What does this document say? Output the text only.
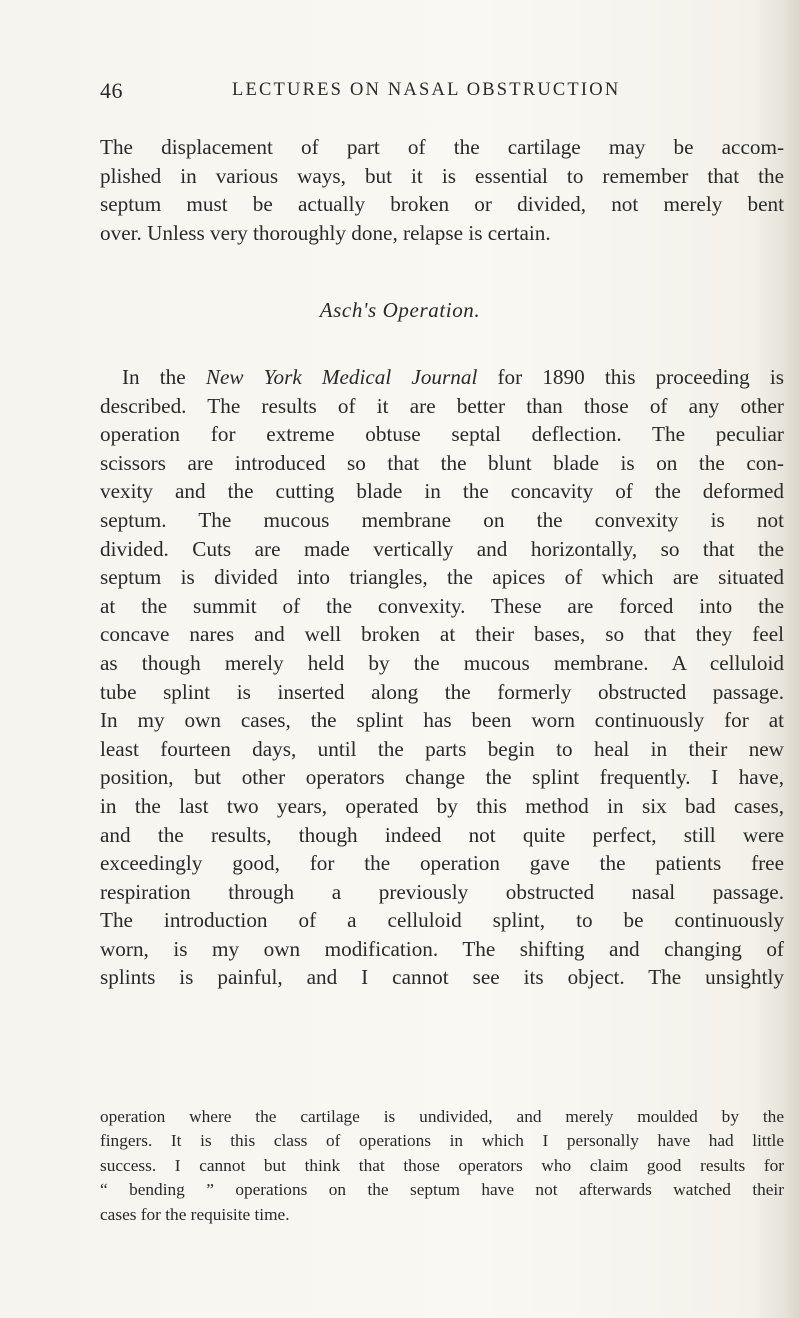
46	LECTURES ON NASAL OBSTRUCTION
The displacement of part of the cartilage may be accom-
plished in various ways, but it is essential to remember that the
septum must be actually broken or divided, not merely bent
over. Unless very thoroughly done, relapse is certain.
Asch's Operation.
In the New York Medical Journal for 1890 this proceeding is
described. The results of it are better than those of any other
operation for extreme obtuse septal deflection. The peculiar
scissors are introduced so that the blunt blade is on the con-
vexity and the cutting blade in the concavity of the deformed
septum. The mucous membrane on the convexity is not
divided. Cuts are made vertically and horizontally, so that the
septum is divided into triangles, the apices of which are situated
at the summit of the convexity. These are forced into the
concave nares and well broken at their bases, so that they feel
as though merely held by the mucous membrane. A celluloid
tube splint is inserted along the formerly obstructed passage.
In my own cases, the splint has been worn continuously for at
least fourteen days, until the parts begin to heal in their new
position, but other operators change the splint frequently. I have,
in the last two years, operated by this method in six bad cases,
and the results, though indeed not quite perfect, still were
exceedingly good, for the operation gave the patients free
respiration through a previously obstructed nasal passage.
The introduction of a celluloid splint, to be continuously
worn, is my own modification. The shifting and changing of
splints is painful, and I cannot see its object. The unsightly
operation where the cartilage is undivided, and merely moulded by the
fingers. It is this class of operations in which I personally have had little
success. I cannot but think that those operators who claim good results for
“ bending ” operations on the septum have not afterwards watched their
cases for the requisite time.
